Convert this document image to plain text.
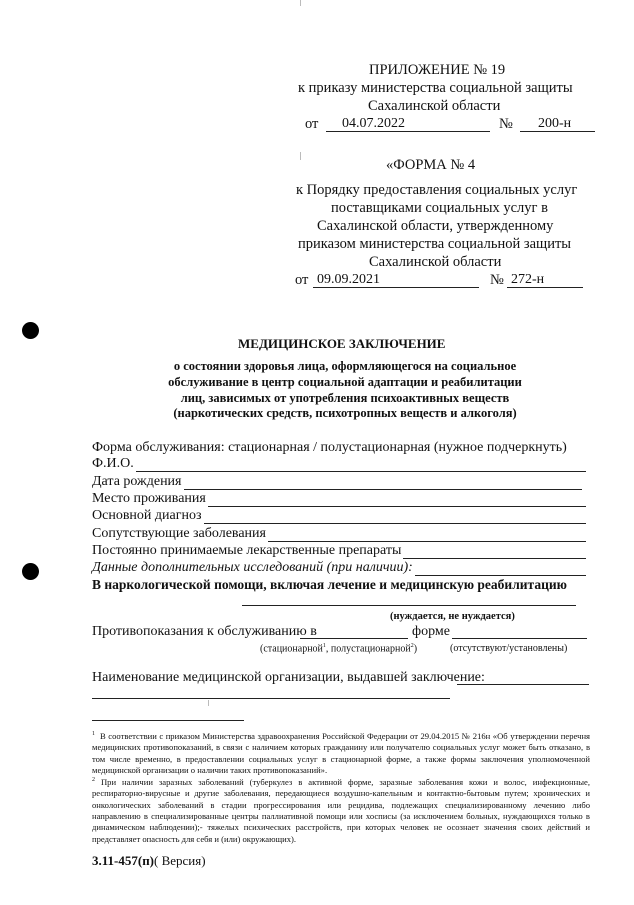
ПРИЛОЖЕНИЕ № 19
к приказу министерства социальной защиты
Сахалинской области
от	04.07.2022	№	200-н
«ФОРМА № 4
к Порядку предоставления социальных услуг
поставщиками социальных услуг в
Сахалинской области, утвержденному
приказом министерства социальной защиты
Сахалинской области
от 09.09.2021	№ 272-н
МЕДИЦИНСКОЕ ЗАКЛЮЧЕНИЕ
о состоянии здоровья лица, оформляющегося на социальное
обслуживание в центр социальной адаптации и реабилитации
лиц, зависимых от употребления психоактивных веществ
(наркотических средств, психотропных веществ и алкоголя)
Форма обслуживания: стационарная / полустационарная (нужное подчеркнуть)
Ф.И.О.
Дата рождения
Место проживания
Основной диагноз
Сопутствующие заболевания
Постоянно принимаемые лекарственные препараты
Данные дополнительных исследований (при наличии):
В наркологической помощи, включая лечение и медицинскую реабилитацию
(нуждается, не нуждается)
Противопоказания к обслуживанию в	форме
(стационарной$^1$, полустационарной$^2$)	(отсутствуют/установлены)
Наименование медицинской организации, выдавшей заключение:
$^1$ В соответствии с приказом Министерства здравоохранения Российской Федерации от 29.04.2015 № 216н «Об утверждении перечня медицинских противопоказаний, в связи с наличием которых гражданину или получателю социальных услуг может быть отказано, в том числе временно, в предоставлении социальных услуг в стационарной форме, а также формы заключения уполномоченной медицинской организации о наличии таких противопоказаний».
$^2$ При наличии заразных заболеваний (туберкулез в активной форме, заразные заболевания кожи и волос, инфекционные, респираторно-вирусные и другие заболевания, передающиеся воздушно-капельным и контактно-бытовым путем; хронических и онкологических заболеваний в стадии прогрессирования или рецидива, подлежащих специализированному лечению либо направлению в специализированные центры паллиативной помощи или хосписы (за исключением больных, нуждающихся только в динамическом наблюдении);- тяжелых психических расстройств, при которых человек не осознает значения своих действий и представляет опасность для себя и (или) окружающих).
3.11-457(п)( Версия)
